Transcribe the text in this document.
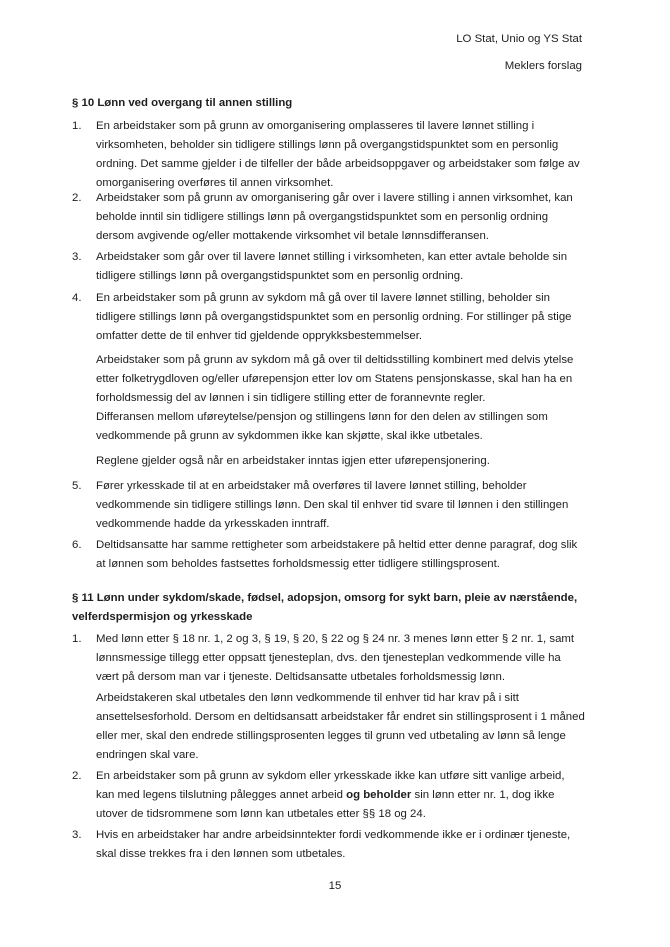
LO Stat, Unio og YS Stat
Meklers forslag
§ 10 Lønn ved overgang til annen stilling
1.	En arbeidstaker som på grunn av omorganisering omplasseres til lavere lønnet stilling i virksomheten, beholder sin tidligere stillings lønn på overgangstidspunktet som en personlig ordning. Det samme gjelder i de tilfeller der både arbeidsoppgaver og arbeidstaker som følge av omorganisering overføres til annen virksomhet.

2.	Arbeidstaker som på grunn av omorganisering går over i lavere stilling i annen virksomhet, kan beholde inntil sin tidligere stillings lønn på overgangstidspunktet som en personlig ordning dersom avgivende og/eller mottakende virksomhet vil betale lønnsdifferansen.

3.	Arbeidstaker som går over til lavere lønnet stilling i virksomheten, kan etter avtale beholde sin tidligere stillings lønn på overgangstidspunktet som en personlig ordning.

4.	En arbeidstaker som på grunn av sykdom må gå over til lavere lønnet stilling, beholder sin tidligere stillings lønn på overgangstidspunktet som en personlig ordning. For stillinger på stige omfatter dette de til enhver tid gjeldende opprykksbestemmelser.

Arbeidstaker som på grunn av sykdom må gå over til deltidsstilling kombinert med delvis ytelse etter folketrygdloven og/eller uførepensjon etter lov om Statens pensjonskasse, skal han ha en forholdsmessig del av lønnen i sin tidligere stilling etter de forannevnte regler.
Differansen mellom uføreytelse/pensjon og stillingens lønn for den delen av stillingen som vedkommende på grunn av sykdommen ikke kan skjøtte, skal ikke utbetales.
Reglene gjelder også når en arbeidstaker inntas igjen etter uførepensjonering.
5.	Fører yrkesskade til at en arbeidstaker må overføres til lavere lønnet stilling, beholder vedkommende sin tidligere stillings lønn. Den skal til enhver tid svare til lønnen i den stillingen vedkommende hadde da yrkesskaden inntraff.

6.	Deltidsansatte har samme rettigheter som arbeidstakere på heltid etter denne paragraf, dog slik at lønnen som beholdes fastsettes forholdsmessig etter tidligere stillingsprosent.

§ 11 Lønn under sykdom/skade, fødsel, adopsjon, omsorg for sykt barn, pleie av nærstående, velferdspermisjon og yrkesskade
1.	Med lønn etter § 18 nr. 1, 2 og 3, § 19, § 20, § 22 og § 24 nr. 3 menes lønn etter § 2 nr. 1, samt lønnsmessige tillegg etter oppsatt tjenesteplan, dvs. den tjenesteplan vedkommende ville ha vært på dersom man var i tjeneste. Deltidsansatte utbetales forholdsmessig lønn.

Arbeidstakeren skal utbetales den lønn vedkommende til enhver tid har krav på i sitt ansettelsesforhold. Dersom en deltidsansatt arbeidstaker får endret sin stillingsprosent i 1 måned eller mer, skal den endrede stillingsprosenten legges til grunn ved utbetaling av lønn så lenge endringen skal vare.
2.	En arbeidstaker som på grunn av sykdom eller yrkesskade ikke kan utføre sitt vanlige arbeid, kan med legens tilslutning pålegges annet arbeid og beholder sin lønn etter nr. 1, dog ikke utover de tidsrommene som lønn kan utbetales etter §§ 18 og 24.

3.	Hvis en arbeidstaker har andre arbeidsinntekter fordi vedkommende ikke er i ordinær tjeneste, skal disse trekkes fra i den lønnen som utbetales.

15
